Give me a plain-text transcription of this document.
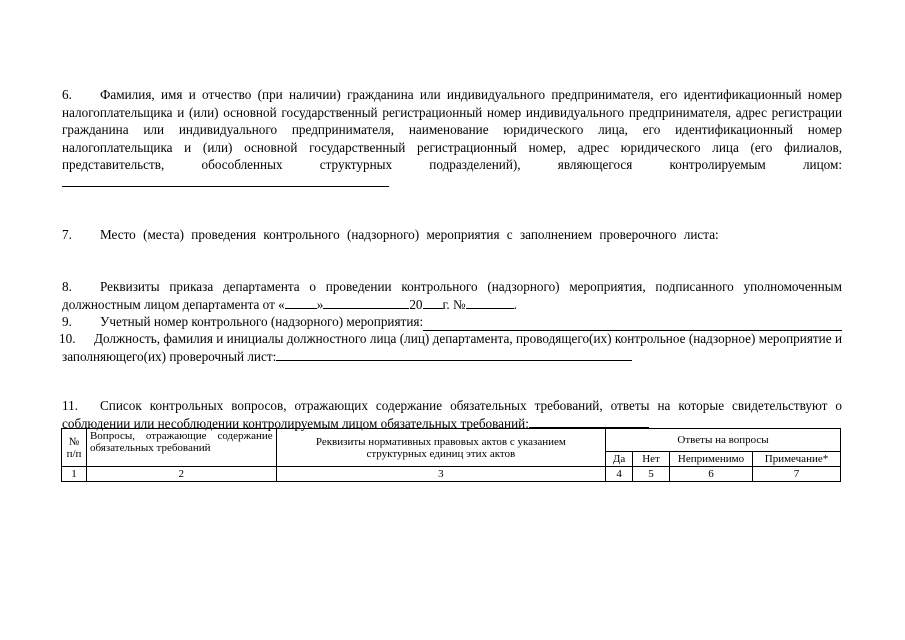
6. Фамилия, имя и отчество (при наличии) гражданина или индивидуального предпринимателя, его идентификационный номер налогоплательщика и (или) основной государственный регистрационный номер индивидуального предпринимателя, адрес регистрации гражданина или индивидуального предпринимателя, наименование юридического лица, его идентификационный номер налогоплательщика и (или) основной государственный регистрационный номер, адрес юридического лица (его филиалов, представительств, обособленных структурных подразделений), являющегося контролируемым лицом:

7. Место (места) проведения контрольного (надзорного) мероприятия с заполнением проверочного листа:

8. Реквизиты приказа департамента о проведении контрольного (надзорного) мероприятия, подписанного уполномоченным должностным лицом департамента от « »	20 г. №	.

9.	Учетный номер контрольного (надзорного) мероприятия:

10. Должность, фамилия и инициалы должностного лица (лиц) департамента, проводящего(их) контрольное (надзорное) мероприятие и заполняющего(их) проверочный лист:

11. Список контрольных вопросов, отражающих содержание обязательных требований, ответы на которые свидетельствуют о соблюдении или несоблюдении контролируемым лицом обязательных требований:

№ п/п	Вопросы, отражающие содержание обязательных требований	Реквизиты нормативных правовых актов с указанием структурных единиц этих актов	Ответы на вопросы			
			Да	Нет	Неприменимо	Примечание*
1	2	3	4	5	6	7
